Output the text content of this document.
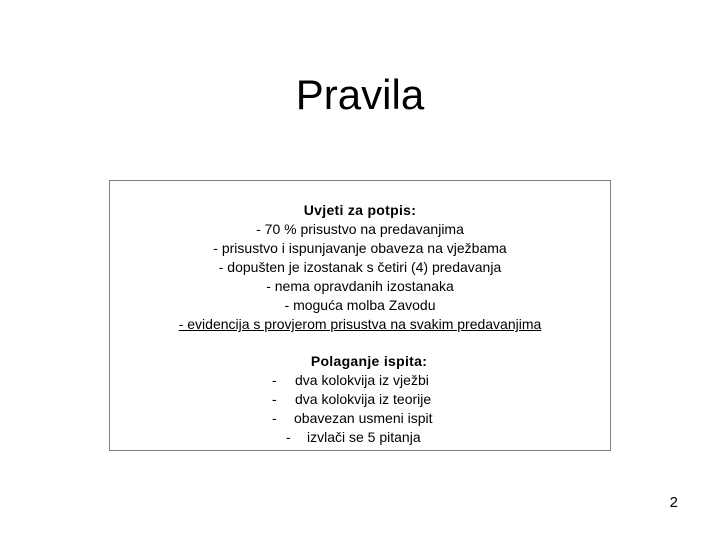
Pravila
Uvjeti za potpis:
- 70 % prisustvo na predavanjima
- prisustvo i ispunjavanje obaveza na vježbama
- dopušten je izostanak s četiri (4) predavanja
- nema opravdanih izostanaka
- moguća molba Zavodu
- evidencija s provjerom prisustva na svakim predavanjima
Polaganje ispita:
- dva kolokvija iz vježbi
- dva kolokvija iz teorije
- obavezan usmeni ispit
- izvlači se 5 pitanja
2
